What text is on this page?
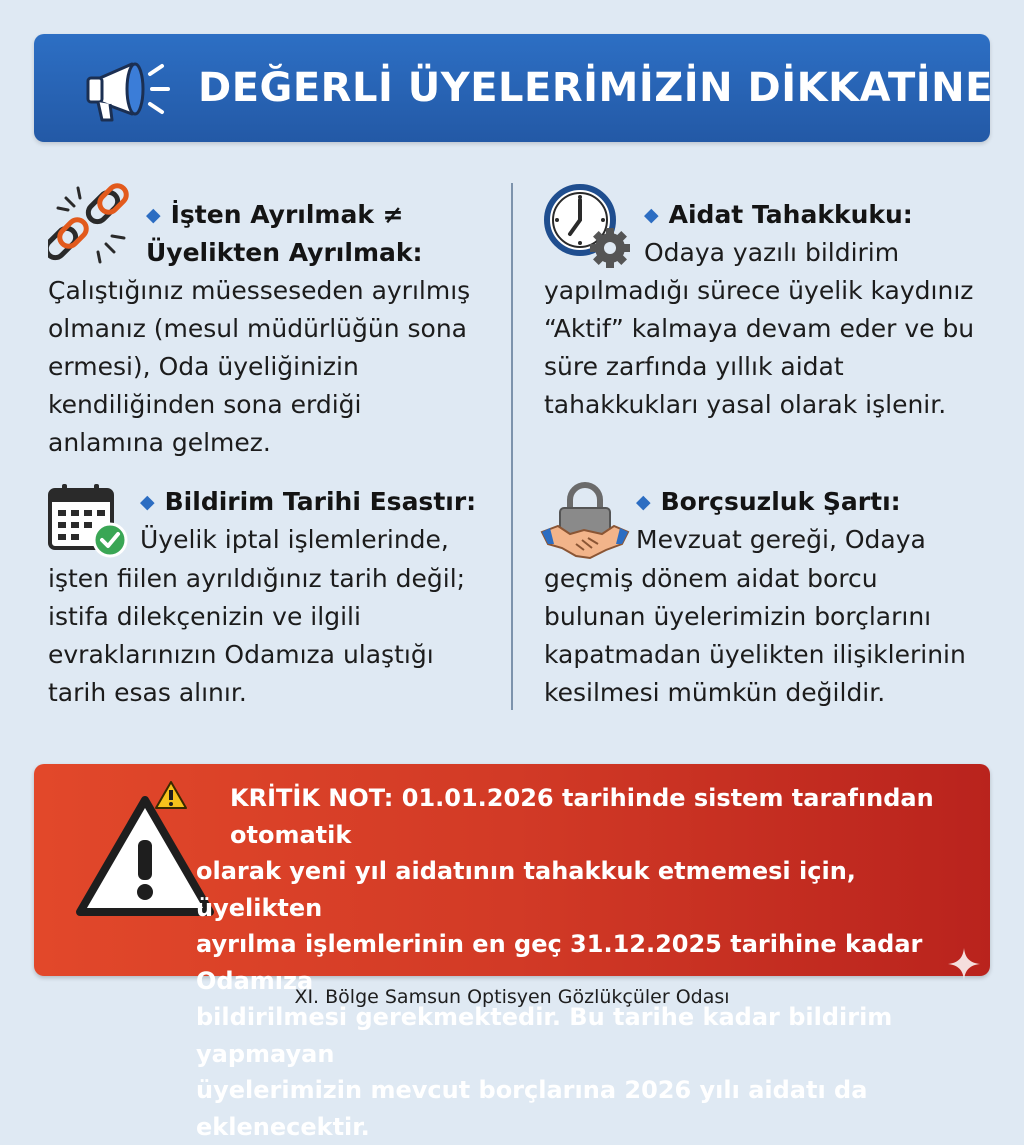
DEĞERLİ ÜYELERİMİZİN DİKKATİNE

◆ İşten Ayrılmak ≠

Üyelikten Ayrılmak:

Çalıştığınız müesseseden ayrılmış

olmanız (mesul müdürlüğün sona

ermesi), Oda üyeliğinizin

kendiliğinden sona erdiği

anlamına gelmez.

◆ Aidat Tahakkuku:

Odaya yazılı bildirim

yapılmadığı sürece üyelik kaydınız

“Aktif” kalmaya devam eder ve bu

süre zarfında yıllık aidat

tahakkukları yasal olarak işlenir.

◆ Bildirim Tarihi Esastır:

Üyelik iptal işlemlerinde,

işten fiilen ayrıldığınız tarih değil;

istifa dilekçenizin ve ilgili

evraklarınızın Odamıza ulaştığı

tarih esas alınır.

◆ Borçsuzluk Şartı:

Mevzuat gereği, Odaya

geçmiş dönem aidat borcu

bulunan üyelerimizin borçlarını

kapatmadan üyelikten ilişiklerinin

kesilmesi mümkün değildir.

KRİTİK NOT: 01.01.2026 tarihinde sistem tarafından otomatik
olarak yeni yıl aidatının tahakkuk etmemesi için, üyelikten
ayrılma işlemlerinin en geç 31.12.2025 tarihine kadar Odamıza
bildirilmesi gerekmektedir. Bu tarihe kadar bildirim yapmayan
üyelerimizin mevcut borçlarına 2026 yılı aidatı da eklenecektir.
XI. Bölge Samsun Optisyen Gözlükçüler Odası
